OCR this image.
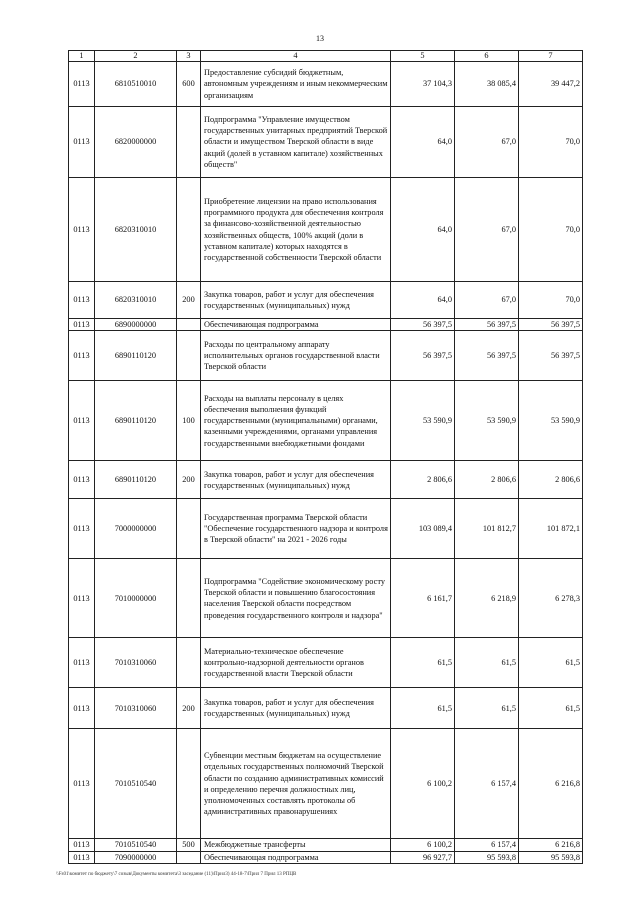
13
1	2	3	4	5	6	7
0113	6810510010	600	Предоставление субсидий бюджетным, автономным учреждениям и иным некоммерческим организациям	37 104,3	38 085,4	39 447,2
0113	6820000000		Подпрограмма "Управление имуществом государственных унитарных предприятий Тверской области и имуществом Тверской области в виде акций (долей в уставном капитале) хозяйственных обществ"	64,0	67,0	70,0
0113	6820310010		Приобретение лицензии на право использования программного продукта для обеспечения контроля за финансово-хозяйственной деятельностью хозяйственных обществ, 100% акций (доли в уставном капитале) которых находятся в государственной собственности Тверской области	64,0	67,0	70,0
0113	6820310010	200	Закупка товаров, работ и услуг для обеспечения государственных (муниципальных) нужд	64,0	67,0	70,0
0113	6890000000		Обеспечивающая подпрограмма	56 397,5	56 397,5	56 397,5
0113	6890110120		Расходы по центральному аппарату исполнительных органов государственной власти Тверской области	56 397,5	56 397,5	56 397,5
0113	6890110120	100	Расходы на выплаты персоналу в целях обеспечения выполнения функций государственными (муниципальными) органами, казенными учреждениями, органами управления государственными внебюджетными фондами	53 590,9	53 590,9	53 590,9
0113	6890110120	200	Закупка товаров, работ и услуг для обеспечения государственных (муниципальных) нужд	2 806,6	2 806,6	2 806,6
0113	7000000000		Государственная программа Тверской области "Обеспечение государственного надзора и контроля в Тверской области" на 2021 - 2026 годы	103 089,4	101 812,7	101 872,1
0113	7010000000		Подпрограмма "Содействие экономическому росту Тверской области и повышению благосостояния населения Тверской области посредством проведения государственного контроля и надзора"	6 161,7	6 218,9	6 278,3
0113	7010310060		Материально-техническое обеспечение контрольно-надзорной деятельности органов государственной власти Тверской области	61,5	61,5	61,5
0113	7010310060	200	Закупка товаров, работ и услуг для обеспечения государственных (муниципальных) нужд	61,5	61,5	61,5
0113	7010510540		Субвенции местным бюджетам на осуществление отдельных государственных полномочий Тверской области по созданию административных комиссий и определению перечня должностных лиц, уполномоченных составлять протоколы об административных правонарушениях	6 100,2	6 157,4	6 216,8
0113	7010510540	500	Межбюджетные трансферты	6 100,2	6 157,4	6 216,8
0113	7090000000		Обеспечивающая подпрограмма	96 927,7	95 593,8	95 593,8
\\Fs01\комитет по бюджету\7 созыв\Документы комитета\3 заседание (11)\Прил3) 44-18-7\Прил 7 Прил 13 РПЦВ
